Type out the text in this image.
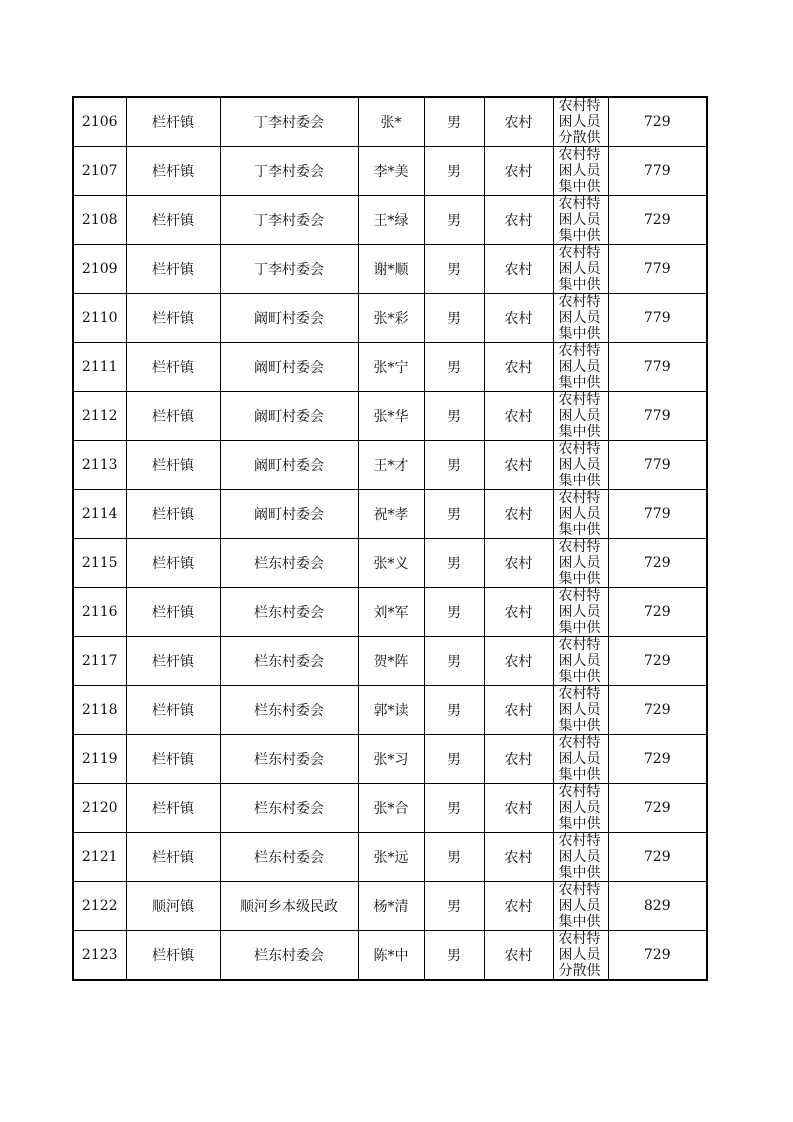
2106	栏杆镇	丁李村委会	张*	男	农村	农村特困人员分散供	729
2107	栏杆镇	丁李村委会	李*美	男	农村	农村特困人员集中供	779
2108	栏杆镇	丁李村委会	王*绿	男	农村	农村特困人员集中供	729
2109	栏杆镇	丁李村委会	谢*顺	男	农村	农村特困人员集中供	779
2110	栏杆镇	阚町村委会	张*彩	男	农村	农村特困人员集中供	779
2111	栏杆镇	阚町村委会	张*宁	男	农村	农村特困人员集中供	779
2112	栏杆镇	阚町村委会	张*华	男	农村	农村特困人员集中供	779
2113	栏杆镇	阚町村委会	王*才	男	农村	农村特困人员集中供	779
2114	栏杆镇	阚町村委会	祝*孝	男	农村	农村特困人员集中供	779
2115	栏杆镇	栏东村委会	张*义	男	农村	农村特困人员集中供	729
2116	栏杆镇	栏东村委会	刘*军	男	农村	农村特困人员集中供	729
2117	栏杆镇	栏东村委会	贺*阵	男	农村	农村特困人员集中供	729
2118	栏杆镇	栏东村委会	郭*读	男	农村	农村特困人员集中供	729
2119	栏杆镇	栏东村委会	张*习	男	农村	农村特困人员集中供	729
2120	栏杆镇	栏东村委会	张*合	男	农村	农村特困人员集中供	729
2121	栏杆镇	栏东村委会	张*远	男	农村	农村特困人员集中供	729
2122	顺河镇	顺河乡本级民政	杨*清	男	农村	农村特困人员集中供	829
2123	栏杆镇	栏东村委会	陈*中	男	农村	农村特困人员分散供	729
